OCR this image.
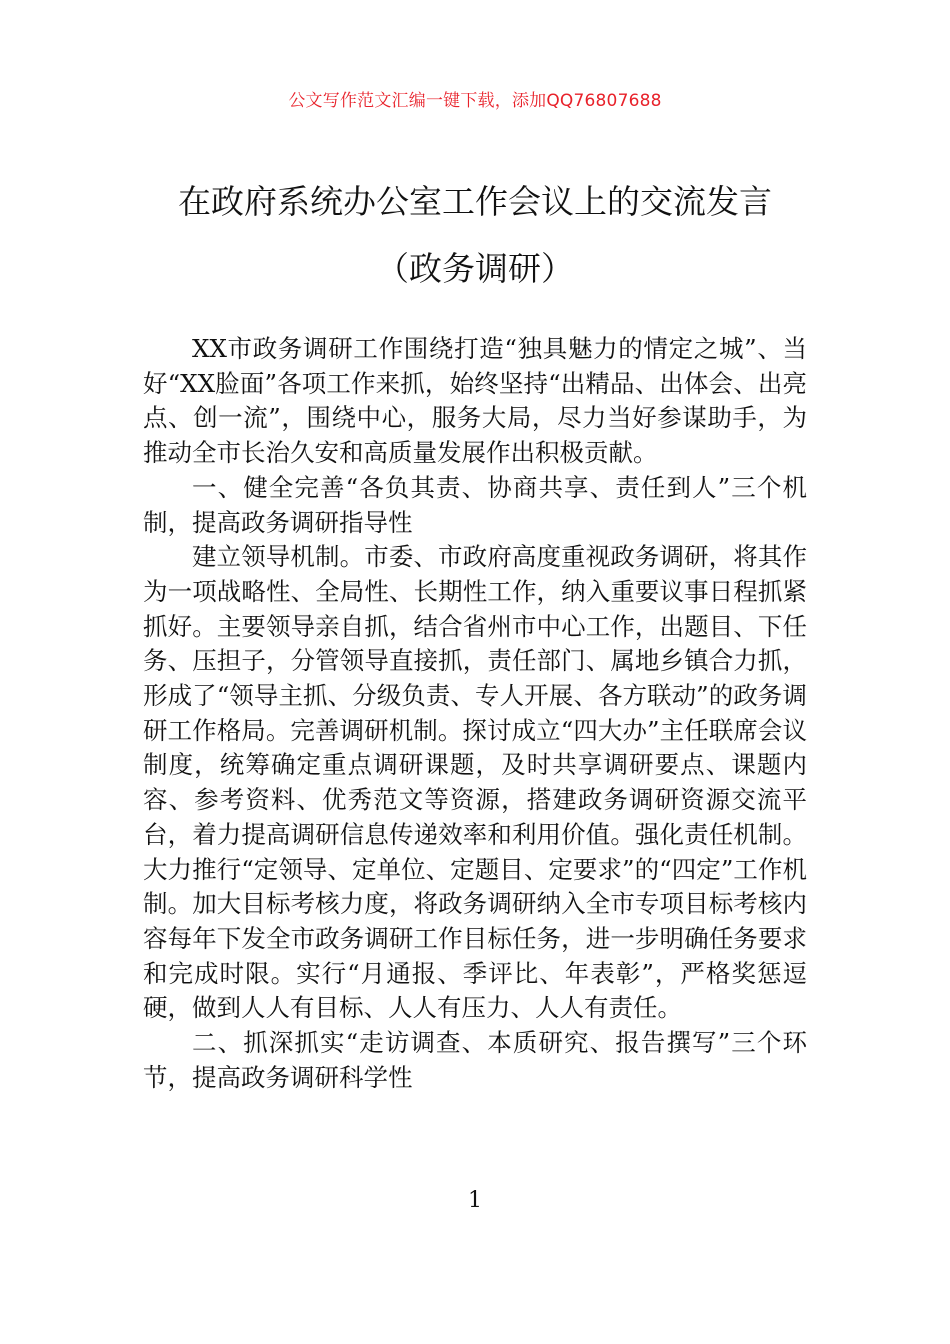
公文写作范文汇编一键下载，添加QQ76807688
在政府系统办公室工作会议上的交流发言
（政务调研）

XX市政务调研工作围绕打造“独具魅力的情定之城”、当好“XX脸面”各项工作来抓，始终坚持“出精品、出体会、出亮点、创一流”，围绕中心，服务大局，尽力当好参谋助手，为推动全市长治久安和高质量发展作出积极贡献。

一、健全完善“各负其责、协商共享、责任到人”三个机制，提高政务调研指导性

建立领导机制。市委、市政府高度重视政务调研，将其作为一项战略性、全局性、长期性工作，纳入重要议事日程抓紧抓好。主要领导亲自抓，结合省州市中心工作，出题目、下任务、压担子，分管领导直接抓，责任部门、属地乡镇合力抓，形成了“领导主抓、分级负责、专人开展、各方联动”的政务调研工作格局。完善调研机制。探讨成立“四大办”主任联席会议制度，统筹确定重点调研课题，及时共享调研要点、课题内容、参考资料、优秀范文等资源，搭建政务调研资源交流平台，着力提高调研信息传递效率和利用价值。强化责任机制。大力推行“定领导、定单位、定题目、定要求”的“四定”工作机制。加大目标考核力度，将政务调研纳入全市专项目标考核内容每年下发全市政务调研工作目标任务，进一步明确任务要求和完成时限。实行“月通报、季评比、年表彰”，严格奖惩逗硬，做到人人有目标、人人有压力、人人有责任。

二、抓深抓实“走访调查、本质研究、报告撰写”三个环节，提高政务调研科学性

1
